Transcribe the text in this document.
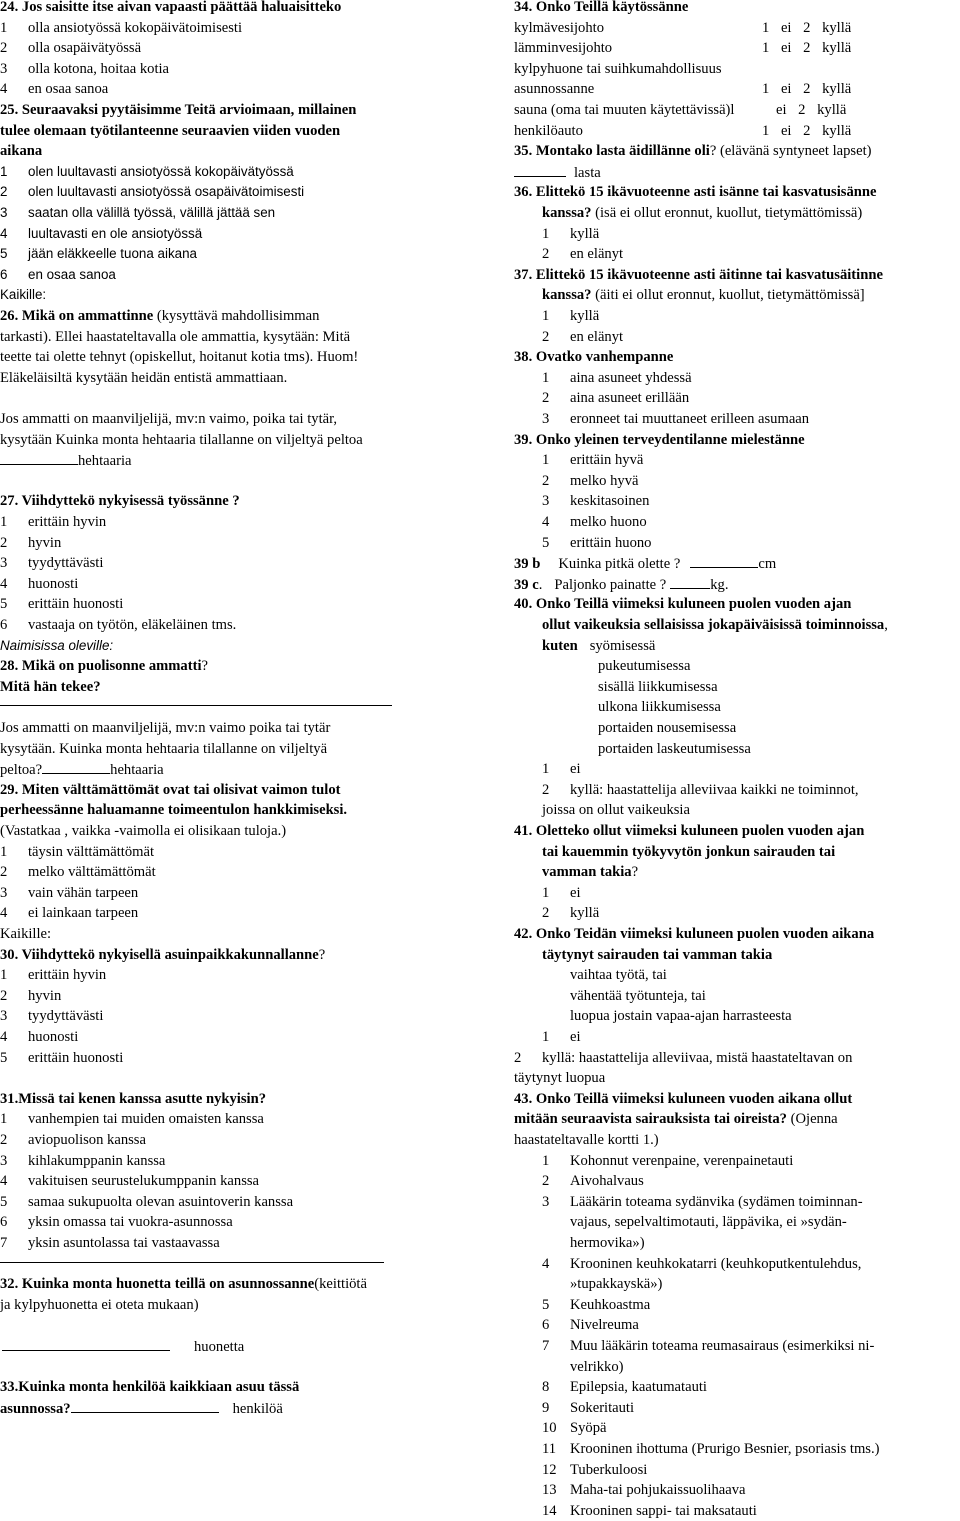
24. Jos saisitte itse aivan vapaasti päättää haluaisitteko
1 olla ansiotyössä kokopäivätoimisesti
2 olla osapäivätyössä
3 olla kotona, hoitaa kotia
4 en osaa sanoa
25. Seuraavaksi pyytäisimme Teitä arvioimaan, millainen
tulee olemaan työtilanteenne seuraavien viiden vuoden
aikana
1 olen luultavasti ansiotyössä kokopäivätyössä
2 olen luultavasti ansiotyössä osapäivätoimisesti
3 saatan olla välillä työssä, välillä jättää sen
4 luultavasti en ole ansiotyössä
5 jään eläkkeelle tuona aikana
6 en osaa sanoa
Kaikille:
26. Mikä on ammattinne (kysyttävä mahdollisimman
tarkasti). Ellei haastateltavalla ole ammattia, kysytään: Mitä
teette tai olette tehnyt (opiskellut, hoitanut kotia tms). Huom!
Eläkeläisiltä kysytään heidän entistä ammattiaan.
Jos ammatti on maanviljelijä, mv:n vaimo, poika tai tytär,
kysytään Kuinka monta hehtaaria tilallanne on viljeltyä peltoa
hehtaaria
27. Viihdyttekö nykyisessä työssänne ?
1 erittäin hyvin
2 hyvin
3 tyydyttävästi
4 huonosti
5 erittäin huonosti
6 vastaaja on työtön, eläkeläinen tms.
Naimisissa oleville:
28. Mikä on puolisonne ammatti?
Mitä hän tekee?
Jos ammatti on maanviljelijä, mv:n vaimo poika tai tytär
kysytään. Kuinka monta hehtaaria tilallanne on viljeltyä
peltoa?	hehtaaria
29. Miten välttämättömät ovat tai olisivat vaimon tulot
perheessänne haluamanne toimeentulon hankkimiseksi.
(Vastatkaa , vaikka -vaimolla ei olisikaan tuloja.)
1 täysin välttämättömät
2 melko välttämättömät
3 vain vähän tarpeen
4 ei lainkaan tarpeen
Kaikille:
30. Viihdyttekö nykyisellä asuinpaikkakunnallanne?
1 erittäin hyvin
2 hyvin
3 tyydyttävästi
4 huonosti
5 erittäin huonosti
31.Missä tai kenen kanssa asutte nykyisin?
1 vanhempien tai muiden omaisten kanssa
2 aviopuolison kanssa
3 kihlakumppanin kanssa
4 vakituisen seurustelukumppanin kanssa
5 samaa sukupuolta olevan asuintoverin kanssa
6 yksin omassa tai vuokra-asunnossa
7 yksin asuntolassa tai vastaavassa
32. Kuinka monta huonetta teillä on asunnossanne(keittiötä
ja kylpyhuonetta ei oteta mukaan)
huonetta
33.Kuinka monta henkilöä kaikkiaan asuu tässä
asunnossa?	henkilöä
34. Onko Teillä käytössänne
kylmävesijohto	1 ei 2 kyllä
lämminvesijohto	1 ei 2 kyllä
kylpyhuone tai suihkumahdollisuus
asunnossanne	1 ei 2 kyllä
sauna (oma tai muuten käytettävissä)l	ei 2 kyllä
henkilöauto	1 ei 2 kyllä
35. Montako lasta äidillänne oli? (elävänä syntyneet lapset)
lasta
36. Elittekö 15 ikävuoteenne asti isänne tai kasvatusisänne
kanssa? (isä ei ollut eronnut, kuollut, tietymättömissä)
1 kyllä
2 en elänyt
37. Elittekö 15 ikävuoteenne asti äitinne tai kasvatusäitinne
kanssa? (äiti ei ollut eronnut, kuollut, tietymättömissä]
1 kyllä
2 en elänyt
38. Ovatko vanhempanne
1 aina asuneet yhdessä
2 aina asuneet erillään
3 eronneet tai muuttaneet erilleen asumaan
39. Onko yleinen terveydentilanne mielestänne
1 erittäin hyvä
2 melko hyvä
3 keskitasoinen
4 melko huono
5 erittäin huono
39 b Kuinka pitkä olette ?	cm
39 c. Paljonko painatte ?	kg.
40. Onko Teillä viimeksi kuluneen puolen vuoden ajan
ollut vaikeuksia sellaisissa jokapäiväisissä toiminnoissa,
kuten syömisessä
pukeutumisessa
sisällä liikkumisessa
ulkona liikkumisessa
portaiden nousemisessa
portaiden laskeutumisessa
1 ei
2 kyllä: haastattelija alleviivaa kaikki ne toiminnot,
joissa on ollut vaikeuksia
41. Oletteko ollut viimeksi kuluneen puolen vuoden ajan
tai kauemmin työkyvytön jonkun sairauden tai
vamman takia?
1 ei
2 kyllä
42. Onko Teidän viimeksi kuluneen puolen vuoden aikana
täytynyt sairauden tai vamman takia
vaihtaa työtä, tai
vähentää työtunteja, tai
luopua jostain vapaa-ajan harrasteesta
1 ei
2 kyllä: haastattelija alleviivaa, mistä haastateltavan on
täytynyt luopua
43. Onko Teillä viimeksi kuluneen vuoden aikana ollut
mitään seuraavista sairauksista tai oireista? (Ojenna
haastateltavalle kortti 1.)
1 Kohonnut verenpaine, verenpainetauti
2 Aivohalvaus
3 Lääkärin toteama sydänvika (sydämen toiminnan-
vajaus, sepelvaltimotauti, läppävika, ei »sydän-
hermovika»)
4 Krooninen keuhkokatarri (keuhkoputkentulehdus,
»tupakkayskä»)
5 Keuhkoastma
6 Nivelreuma
7 Muu lääkärin toteama reumasairaus (esimerkiksi ni-
velrikko)
8 Epilepsia, kaatumatauti
9 Sokeritauti
10 Syöpä
11 Krooninen ihottuma (Prurigo Besnier, psoriasis tms.)
12 Tuberkuloosi
13 Maha-tai pohjukaissuolihaava
14 Krooninen sappi- tai maksatauti
